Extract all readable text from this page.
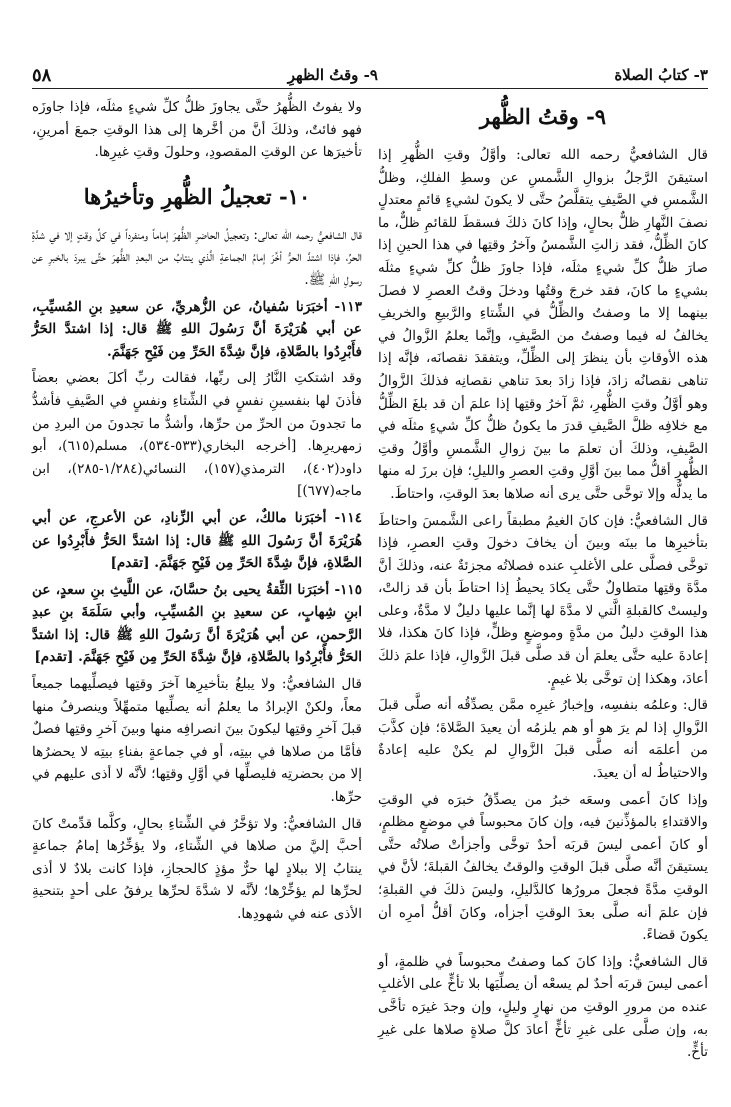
٥٨	٩- وقتُ الظهرِ	٣- كتابُ الصلاة
٩- وقتُ الظُّهر

قال الشافعيُّ رحمه الله تعالى: وأوَّلُ وقتِ الظُّهرِ إذا استيقنَ الرَّجلُ بزوالِ الشَّمسِ عن وسطِ الفلكِ، وظلُّ الشَّمسِ في الصَّيفِ يتقلَّصُ حتَّى لا يكونَ لشيءٍ قائمٍ معتدلٍ نصفَ النَّهارِ ظلٌّ بحالٍ، وإذا كانَ ذلكَ فسقطَ للقائمِ ظلٌّ، ما كانَ الظِّلُّ، فقد زالتِ الشَّمسُ وآخرُ وقتِها في هذا الحينِ إذا صارَ ظلُّ كلِّ شيءٍ مثلَه، فإذا جاوزَ ظلُّ كلِّ شيءٍ مثلَه بشيءٍ ما كانَ، فقد خرجَ وقتُها ودخلَ وقتُ العصرِ لا فصلَ بينهما إلا ما وصفتُ والظِّلُّ في الشِّتاءِ والرَّبيعِ والخريفِ يخالفُ له فيما وصفتُ من الصَّيفِ، وإنَّما يعلمُ الزَّوالُ في هذه الأوقاتِ بأن ينظرَ إلى الظِّلِّ، ويتفقدَ نقصانَه، فإنَّه إذا تناهى نقصانُه زادَ، فإذا زادَ بعدَ تناهي نقصانِه فذلكَ الزَّوالُ وهو أوَّلُ وقتِ الظُّهرِ، ثمَّ آخرُ وقتِها إذا علمَ أن قد بلغَ الظِّلُّ مع خلافِه ظلَّ الصَّيفِ قدرَ ما يكونُ ظلُّ كلِّ شيءٍ مثلَه في الصَّيفِ، وذلكَ أن تعلمَ ما بينَ زوالِ الشَّمسِ وأوَّلُ وقتِ الظُّهرِ أقلُّ مما بينَ أوَّلِ وقتِ العصرِ والليلِ؛ فإن برزَ له منها ما يدلُّه وإلا توخَّى حتَّى يرى أنه صلاها بعدَ الوقتِ، واحتاطَ.

قال الشافعيُّ: فإن كانَ الغيمُ مطبقاً راعى الشَّمسَ واحتاطَ بتأخيرِها ما بينَه وبينَ أن يخافَ دخولَ وقتِ العصرِ، فإذا توخَّى فصلَّى على الأغلبِ عنده فصلاتُه مجزئةٌ عنه، وذلكَ أنَّ مدَّةَ وقتِها متطاولٌ حتَّى يكادَ يحيطُ إذا احتاطَ بأن قد زالتْ، وليستْ كالقبلةِ الَّتي لا مدَّةَ لها إنَّما عليها دليلٌ لا مدَّةٌ، وعلى هذا الوقتِ دليلٌ من مدَّةٍ وموضعٍ وظلٍّ، فإذا كانَ هكذا، فلا إعادةَ عليه حتَّى يعلمَ أن قد صلَّى قبلَ الزَّوالِ، فإذا علمَ ذلكَ أعادَ، وهكذا إن توخَّى بلا غيمٍ.

قال: وعلمُه بنفسِه، وإخبارُ غيرِه ممَّن يصدِّقُه أنه صلَّى قبلَ الزَّوالِ إذا لم يرَ هو أو هم يلزمُه أن يعيدَ الصَّلاةَ؛ فإن كذَّبَ من أعلمَه أنه صلَّى قبلَ الزَّوالِ لم يكنْ عليه إعادةٌ والاحتياطُ له أن يعيدَ.

وإذا كانَ أعمى وسعَه خبرُ من يصدِّقُ خبرَه في الوقتِ والاقتداءِ بالمؤذِّنينَ فيه، وإن كانَ محبوساً في موضعٍ مظلمٍ، أو كانَ أعمى ليسَ قربَه أحدٌ توخَّى وأجزأتْ صلاتُه حتَّى يستيقنَ أنَّه صلَّى قبلَ الوقتِ والوقتُ يخالفُ القبلةَ؛ لأنَّ في الوقتِ مدَّةً فجعلَ مرورُها كالدَّليلِ، وليسَ ذلكَ في القبلةِ؛ فإن علمَ أنه صلَّى بعدَ الوقتِ أجزأه، وكانَ أقلُّ أمرِه أن يكونَ قضاءً.

قال الشافعيُّ: وإذا كانَ كما وصفتُ محبوساً في ظلمةٍ، أو أعمى ليسَ قربَه أحدٌ لم يسعْه أن يصلِّيَها بلا تأخٍّ على الأغلبِ عنده من مرورِ الوقتِ من نهارٍ وليلٍ، وإن وجدَ غيرَه تأخَّى به، وإن صلَّى على غيرِ تأخٍّ أعادَ كلَّ صلاةٍ صلاها على غيرِ تأخٍّ.

ولا يفوتُ الظُّهرُ حتَّى يجاوزَ ظلُّ كلِّ شيءٍ مثلَه، فإذا جاوزَه فهو فائتٌ، وذلكَ أنَّ من أخَّرها إلى هذا الوقتِ جمعَ أمرينِ، تأخيرَها عن الوقتِ المقصودِ، وحلولَ وقتِ غيرِها.

١٠- تعجيلُ الظُّهرِ وتأخيرُها

قال الشافعيُّ رحمه الله تعالى: وتعجيلُ الحاضرِ الظُّهرَ إماماً ومنفرداً في كلِّ وقتٍ إلا في شدَّةِ الحرِّ، فإذا اشتدَّ الحرُّ أخَّرَ إمامُ الجماعةِ الَّذي ينتابُ من البعدِ الظُّهرَ حتَّى يبردَ بالخبرِ عن رسولِ اللهِ ﷺ.

١١٣- أخبَرَنا سُفيانُ، عن الزُّهريِّ، عن سعيدِ بنِ المُسيِّبِ، عن أبي هُرَيْرَةَ أنَّ رَسُولَ اللهِ ﷺ قال: إذا اشتدَّ الحَرُّ فأَبْرِدُوا بالصَّلاةِ، فإنَّ شِدَّةَ الحَرِّ مِن فَيْحِ جَهَنَّمَ.

وقد اشتكتِ النَّارُ إلى ربِّها، فقالت ربِّ أكلَ بعضي بعضاً فأذنَ لها بنفسينِ نفسٍ في الشِّتاءِ ونفسٍ في الصَّيفِ فأشدُّ ما تجدونَ من الحرِّ من حرِّها، وأشدُّ ما تجدونَ من البردِ من زمهريرِها. [أخرجه البخاري(٥٣٣-٥٣٤)، مسلم(٦١٥)، أبو داود(٤٠٢)، الترمذي(١٥٧)، النسائي(١/٢٨٤-٢٨٥)، ابن ماجه(٦٧٧)]

١١٤- أخبَرَنا مالكٌ، عن أبي الزِّنادِ، عن الأعرجِ، عن أبي هُرَيْرَةَ أنَّ رَسُولَ اللهِ ﷺ قال: إذا اشتدَّ الحَرُّ فأَبْرِدُوا عن الصَّلاةِ، فإنَّ شِدَّةَ الحَرِّ مِن فَيْحِ جَهَنَّمَ. [تقدم]

١١٥- أخبَرَنا الثِّقةُ يحيى بنُ حسَّانَ، عن اللَّيثِ بنِ سعدٍ، عن ابنِ شِهابٍ، عن سعيدِ بنِ المُسيِّبِ، وأبي سَلَمَةَ بنِ عبدِ الرَّحمنِ، عن أبي هُرَيْرَةَ أنَّ رَسُولَ اللهِ ﷺ قال: إذا اشتدَّ الحَرُّ فأَبْرِدُوا بالصَّلاةِ، فإنَّ شِدَّةَ الحَرِّ مِن فَيْحِ جَهَنَّمَ. [تقدم]

قال الشافعيُّ: ولا يبلغُ بتأخيرِها آخرَ وقتِها فيصلِّيهما جميعاً معاً، ولكنْ الإبرادُ ما يعلمُ أنه يصلِّيها متمهِّلاً وينصرفُ منها قبلَ آخرِ وقتِها ليكونَ بينَ انصرافِه منها وبينَ آخرِ وقتِها فصلٌ فأمَّا من صلاها في بيتِه، أو في جماعةٍ بفناءِ بيتِه لا يحضرُها إلا من بحضرتِه فليصلِّها في أوَّلِ وقتِها؛ لأنَّه لا أذى عليهم في حرِّها.

قال الشافعيُّ: ولا تؤخَّرُ في الشِّتاءِ بحالٍ، وكلَّما قدِّمتْ كانَ أحبَّ إليَّ من صلاها في الشِّتاءِ، ولا يؤخِّرُها إمامُ جماعةٍ ينتابُ إلا ببلادٍ لها حرٌّ مؤذٍ كالحجازِ، فإذا كانت بلادٌ لا أذى لحرِّها لم يؤخِّرْها؛ لأنَّه لا شدَّةَ لحرِّها يرفقُ على أحدٍ بتنحيةِ الأذى عنه في شهودِها.
